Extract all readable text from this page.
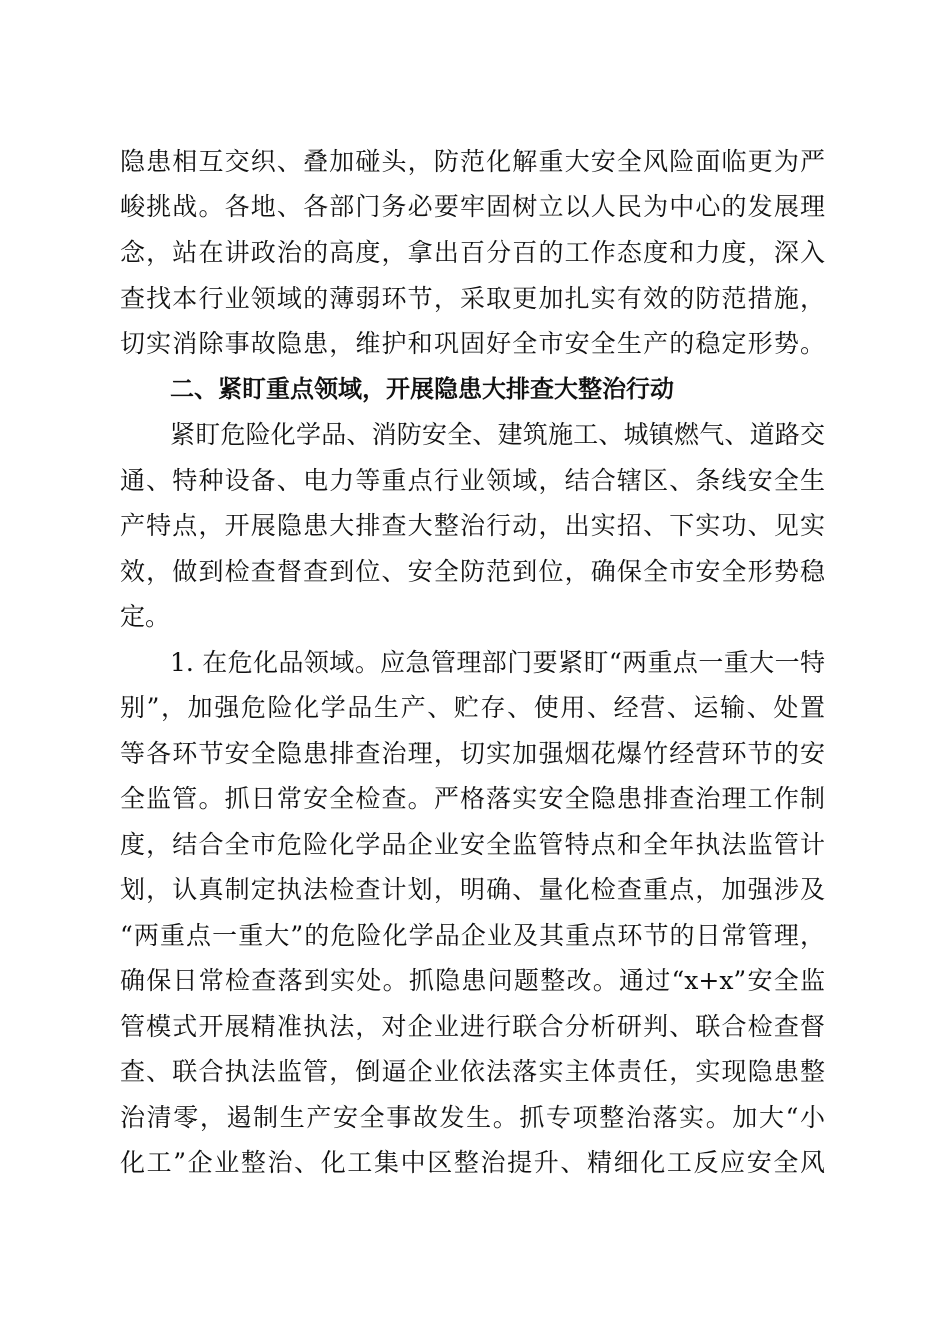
隐患相互交织、叠加碰头，防范化解重大安全风险面临更为严
峻挑战。各地、各部门务必要牢固树立以人民为中心的发展理
念，站在讲政治的高度，拿出百分百的工作态度和力度，深入
查找本行业领域的薄弱环节，采取更加扎实有效的防范措施，
切实消除事故隐患，维护和巩固好全市安全生产的稳定形势。
二、紧盯重点领域，开展隐患大排查大整治行动
紧盯危险化学品、消防安全、建筑施工、城镇燃气、道路交
通、特种设备、电力等重点行业领域，结合辖区、条线安全生
产特点，开展隐患大排查大整治行动，出实招、下实功、见实
效，做到检查督查到位、安全防范到位，确保全市安全形势稳
定。
1. 在危化品领域。应急管理部门要紧盯“两重点一重大一特
别”，加强危险化学品生产、贮存、使用、经营、运输、处置
等各环节安全隐患排查治理，切实加强烟花爆竹经营环节的安
全监管。抓日常安全检查。严格落实安全隐患排查治理工作制
度，结合全市危险化学品企业安全监管特点和全年执法监管计
划，认真制定执法检查计划，明确、量化检查重点，加强涉及
“两重点一重大”的危险化学品企业及其重点环节的日常管理，
确保日常检查落到实处。抓隐患问题整改。通过“x+x”安全监
管模式开展精准执法，对企业进行联合分析研判、联合检查督
查、联合执法监管，倒逼企业依法落实主体责任，实现隐患整
治清零，遏制生产安全事故发生。抓专项整治落实。加大“小
化工”企业整治、化工集中区整治提升、精细化工反应安全风
